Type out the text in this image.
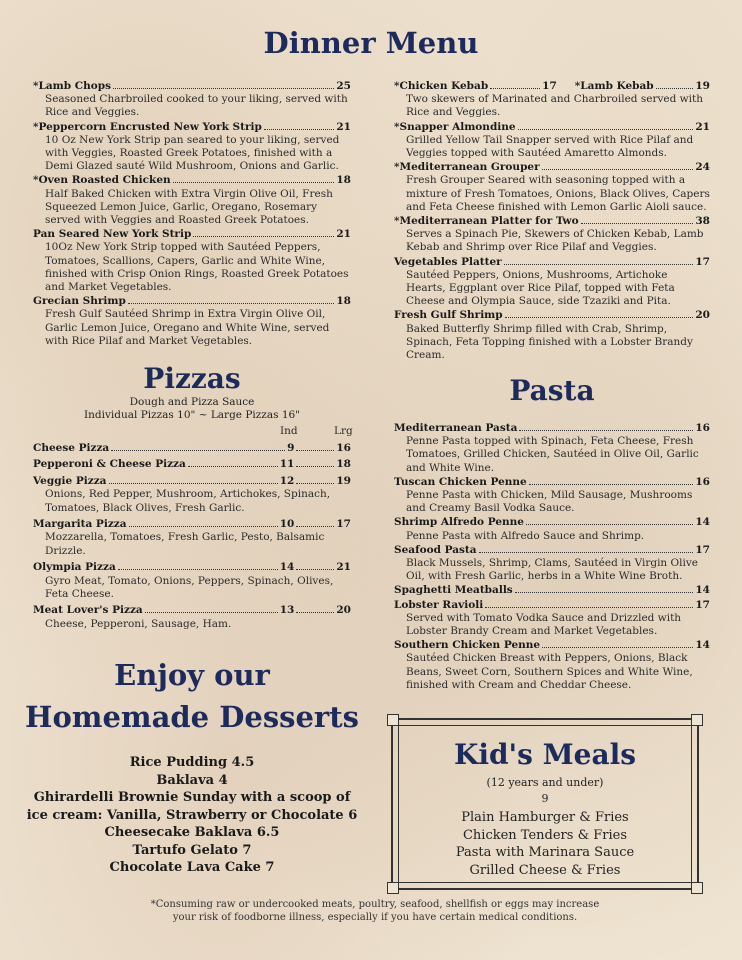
Dinner Menu
*Lamb Chops	25
Seasoned Charbroiled cooked to your liking, served with Rice and Veggies.
*Peppercorn Encrusted New York Strip	21
10 Oz New York Strip pan seared to your liking, served with Veggies, Roasted Greek Potatoes, finished with a Demi Glazed sauté Wild Mushroom, Onions and Garlic.
*Oven Roasted Chicken	18
Half Baked Chicken with Extra Virgin Olive Oil, Fresh Squeezed Lemon Juice, Garlic, Oregano, Rosemary served with Veggies and Roasted Greek Potatoes.
Pan Seared New York Strip	21
10Oz New York Strip topped with Sautéed Peppers, Tomatoes, Scallions, Capers, Garlic and White Wine, finished with Crisp Onion Rings, Roasted Greek Potatoes and Market Vegetables.
Grecian Shrimp	18
Fresh Gulf Sautéed Shrimp in Extra Virgin Olive Oil, Garlic Lemon Juice, Oregano and White Wine, served with Rice Pilaf and Market Vegetables.
*Chicken Kebab	17 *Lamb Kebab	19
Two skewers of Marinated and Charbroiled served with Rice and Veggies.
*Snapper Almondine	21
Grilled Yellow Tail Snapper served with Rice Pilaf and Veggies topped with Sautéed Amaretto Almonds.
*Mediterranean Grouper	24
Fresh Grouper Seared with seasoning topped with a mixture of Fresh Tomatoes, Onions, Black Olives, Capers and Feta Cheese finished with Lemon Garlic Aioli sauce.
*Mediterranean Platter for Two	38
Serves a Spinach Pie, Skewers of Chicken Kebab, Lamb Kebab and Shrimp over Rice Pilaf and Veggies.
Vegetables Platter	17
Sautéed Peppers, Onions, Mushrooms, Artichoke Hearts, Eggplant over Rice Pilaf, topped with Feta Cheese and Olympia Sauce, side Tzaziki and Pita.
Fresh Gulf Shrimp	20
Baked Butterfly Shrimp filled with Crab, Shrimp, Spinach, Feta Topping finished with a Lobster Brandy Cream.
Pizzas
Dough and Pizza Sauce
Individual Pizzas 10" ~ Large Pizzas 16"
Ind	Lrg
Cheese Pizza	9	16
Pepperoni & Cheese Pizza	11	18
Veggie Pizza	12	19
Onions, Red Pepper, Mushroom, Artichokes, Spinach, Tomatoes, Black Olives, Fresh Garlic.
Margarita Pizza	10	17
Mozzarella, Tomatoes, Fresh Garlic, Pesto, Balsamic Drizzle.
Olympia Pizza	14	21
Gyro Meat, Tomato, Onions, Peppers, Spinach, Olives, Feta Cheese.
Meat Lover's Pizza	13	20
Cheese, Pepperoni, Sausage, Ham.
Pasta
Mediterranean Pasta	16
Penne Pasta topped with Spinach, Feta Cheese, Fresh Tomatoes, Grilled Chicken, Sautéed in Olive Oil, Garlic and White Wine.
Tuscan Chicken Penne	16
Penne Pasta with Chicken, Mild Sausage, Mushrooms and Creamy Basil Vodka Sauce.
Shrimp Alfredo Penne	14
Penne Pasta with Alfredo Sauce and Shrimp.
Seafood Pasta	17
Black Mussels, Shrimp, Clams, Sautéed in Virgin Olive Oil, with Fresh Garlic, herbs in a White Wine Broth.
Spaghetti Meatballs	14
Lobster Ravioli	17
Served with Tomato Vodka Sauce and Drizzled with Lobster Brandy Cream and Market Vegetables.
Southern Chicken Penne	14
Sautéed Chicken Breast with Peppers, Onions, Black Beans, Sweet Corn, Southern Spices and White Wine, finished with Cream and Cheddar Cheese.
Enjoy our
Homemade Desserts
Rice Pudding 4.5
Baklava 4
Ghirardelli Brownie Sunday with a scoop of
ice cream: Vanilla, Strawberry or Chocolate 6
Cheesecake Baklava 6.5
Tartufo Gelato 7
Chocolate Lava Cake 7
Kid's Meals
(12 years and under)
9
Plain Hamburger & Fries
Chicken Tenders & Fries
Pasta with Marinara Sauce
Grilled Cheese & Fries
*Consuming raw or undercooked meats, poultry, seafood, shellfish or eggs may increase
your risk of foodborne illness, especially if you have certain medical conditions.
